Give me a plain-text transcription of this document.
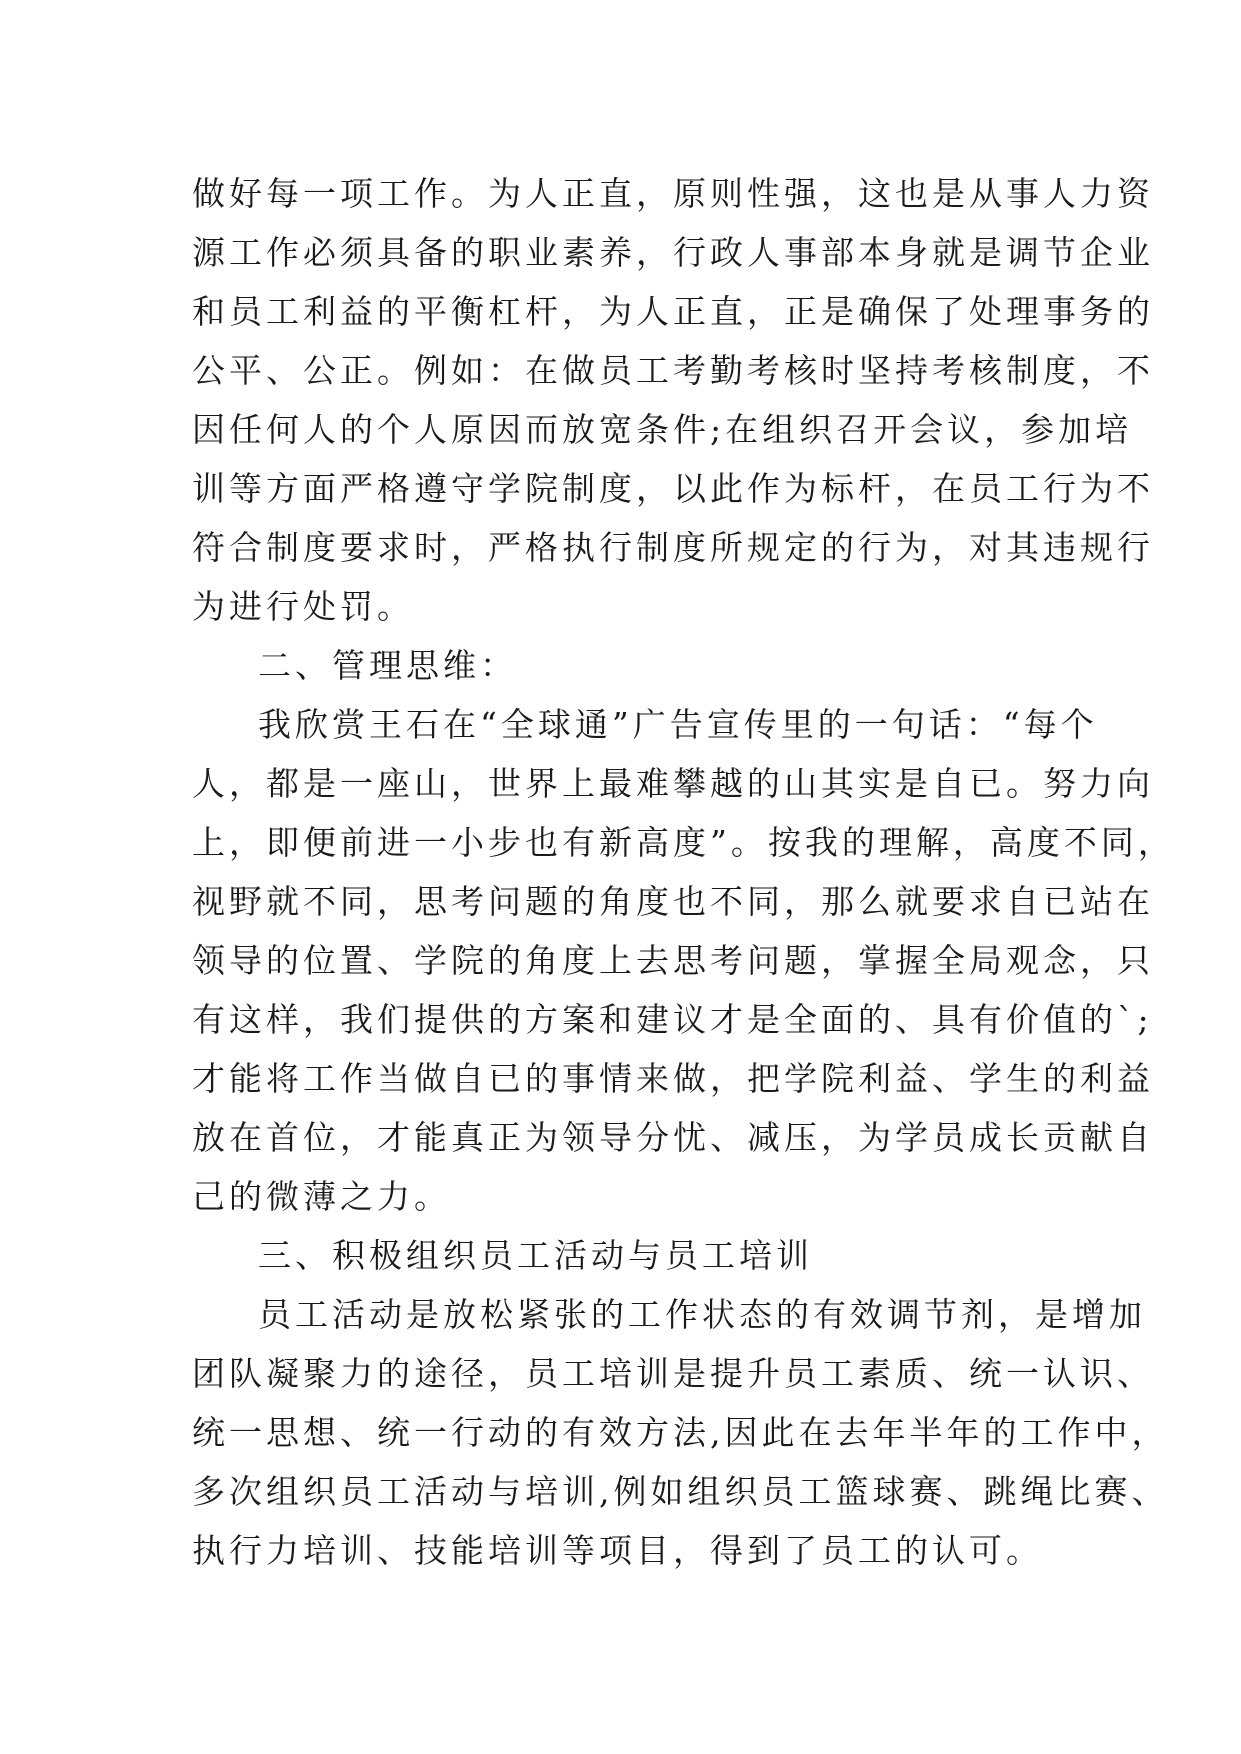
做好每一项工作。为人正直，原则性强，这也是从事人力资
源工作必须具备的职业素养，行政人事部本身就是调节企业
和员工利益的平衡杠杆，为人正直，正是确保了处理事务的
公平、公正。例如：在做员工考勤考核时坚持考核制度，不
因任何人的个人原因而放宽条件;在组织召开会议，参加培
训等方面严格遵守学院制度，以此作为标杆，在员工行为不
符合制度要求时，严格执行制度所规定的行为，对其违规行
为进行处罚。
二、管理思维：
我欣赏王石在“全球通”广告宣传里的一句话：“每个
人，都是一座山，世界上最难攀越的山其实是自已。努力向
上，即便前进一小步也有新高度”。按我的理解，高度不同，
视野就不同，思考问题的角度也不同，那么就要求自已站在
领导的位置、学院的角度上去思考问题，掌握全局观念，只
有这样，我们提供的方案和建议才是全面的、具有价值的`;
才能将工作当做自已的事情来做，把学院利益、学生的利益
放在首位，才能真正为领导分忧、减压，为学员成长贡献自
己的微薄之力。
三、积极组织员工活动与员工培训
员工活动是放松紧张的工作状态的有效调节剂，是增加
团队凝聚力的途径，员工培训是提升员工素质、统一认识、
统一思想、统一行动的有效方法,因此在去年半年的工作中，
多次组织员工活动与培训,例如组织员工篮球赛、跳绳比赛、
执行力培训、技能培训等项目，得到了员工的认可。
